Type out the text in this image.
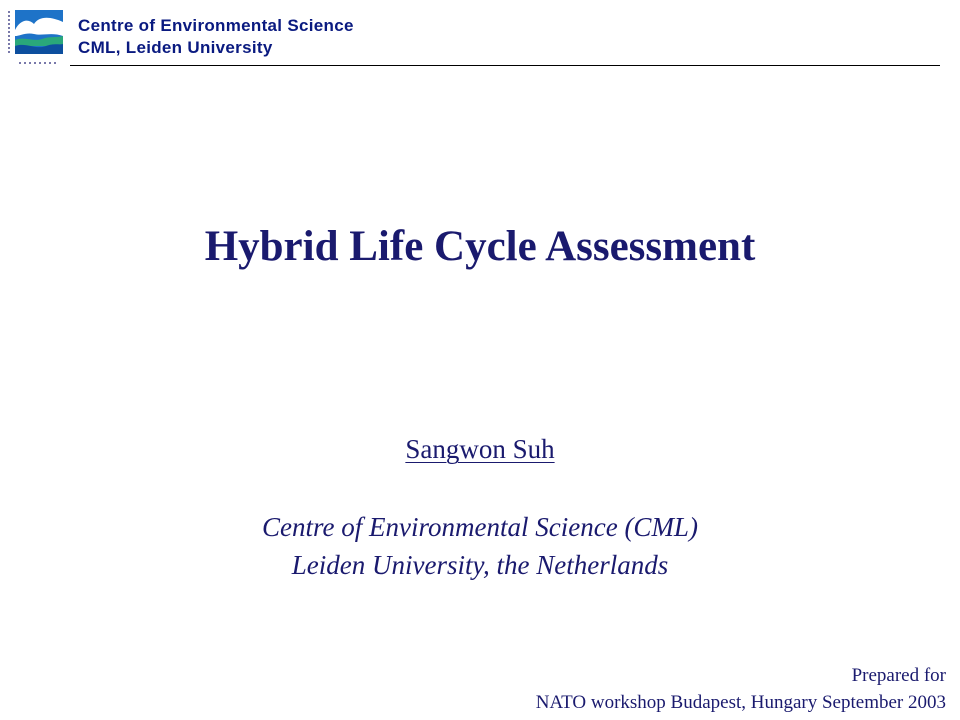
Centre of Environmental Science
CML, Leiden University
Hybrid Life Cycle Assessment
Sangwon Suh
Centre of Environmental Science (CML)
Leiden University, the Netherlands
Prepared for
NATO workshop Budapest, Hungary September 2003
